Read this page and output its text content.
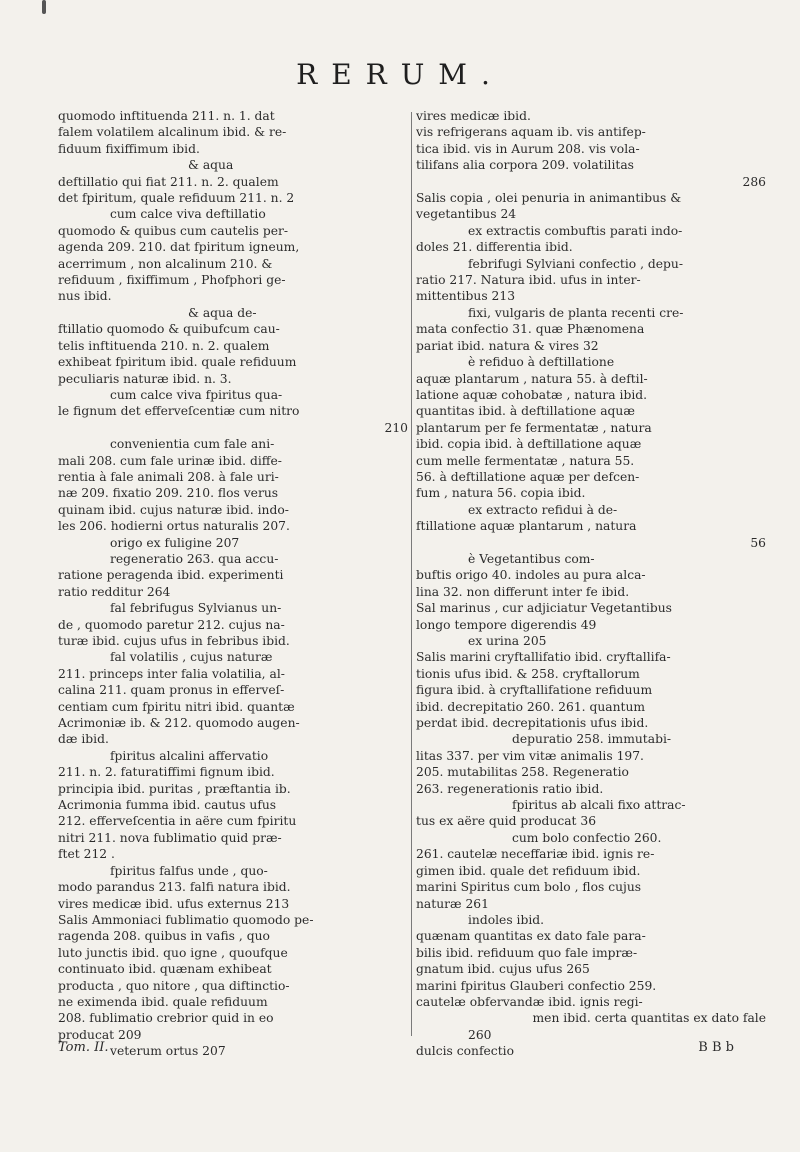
RERUM.
quomodo inftituenda 211. n. 1. dat
falem volatilem alcalinum ibid. & re-
fiduum fixiffimum ibid.
& aqua
deftillatio qui fiat 211. n. 2. qualem
det fpiritum, quale refiduum 211. n. 2
cum calce viva deftillatio
quomodo & quibus cum cautelis per-
agenda 209. 210. dat fpiritum igneum,
acerrimum , non alcalinum 210. &
refiduum , fixiffimum , Phofphori ge-
nus ibid.
& aqua de-
ftillatio quomodo & quibufcum cau-
telis inftituenda 210. n. 2. qualem
exhibeat fpiritum ibid. quale refiduum
peculiaris naturæ ibid. n. 3.
cum calce viva fpiritus qua-
le fignum det efferveſcentiæ cum nitro
210
convenientia cum fale ani-
mali 208. cum fale urinæ ibid. diffe-
rentia à fale animali 208. à fale uri-
næ 209. fixatio 209. 210. flos verus
quinam ibid. cujus naturæ ibid. indo-
les 206. hodierni ortus naturalis 207.
origo ex fuligine 207
regeneratio 263. qua accu-
ratione peragenda ibid. experimenti
ratio redditur 264
fal febrifugus Sylvianus un-
de , quomodo paretur 212. cujus na-
turæ ibid. cujus ufus in febribus ibid.
fal volatilis , cujus naturæ
211. princeps inter falia volatilia, al-
calina 211. quam pronus in efferveſ-
centiam cum fpiritu nitri ibid. quantæ
Acrimoniæ ib. & 212. quomodo augen-
dæ ibid.
fpiritus alcalini affervatio
211. n. 2. faturatiffimi fignum ibid.
principia ibid. puritas , præftantia ib.
Acrimonia fumma ibid. cautus ufus
212. efferveſcentia in aëre cum fpiritu
nitri 211. nova fublimatio quid præ-
ftet 212 .
fpiritus falfus unde , quo-
modo parandus 213. falfi natura ibid.
vires medicæ ibid. ufus externus 213
Salis Ammoniaci fublimatio quomodo pe-
ragenda 208. quibus in vafis , quo
luto junctis ibid. quo igne , quoufque
continuato ibid. quænam exhibeat
producta , quo nitore , qua diftinctio-
ne eximenda ibid. quale refiduum
208. fublimatio crebrior quid in eo
producat 209
veterum ortus 207
vires medicæ ibid.
vis refrigerans aquam ib. vis antifep-
tica ibid. vis in Aurum 208. vis vola-
tilifans alia corpora 209. volatilitas
286
Salis copia , olei penuria in animantibus &
vegetantibus 24
ex extractis combuftis parati indo-
doles 21. differentia ibid.
febrifugi Sylviani confectio , depu-
ratio 217. Natura ibid. ufus in inter-
mittentibus 213
fixi, vulgaris de planta recenti cre-
mata confectio 31. quæ Phænomena
pariat ibid. natura & vires 32
è refiduo à deftillatione
aquæ plantarum , natura 55. à deftil-
latione aquæ cohobatæ , natura ibid.
quantitas ibid. à deftillatione aquæ
plantarum per fe fermentatæ , natura
ibid. copia ibid. à deftillatione aquæ
cum melle fermentatæ , natura 55.
56. à deftillatione aquæ per defcen-
fum , natura 56. copia ibid.
ex extracto refidui à de-
ftillatione aquæ plantarum , natura
56
è Vegetantibus com-
buftis origo 40. indoles au pura alca-
lina 32. non differunt inter fe ibid.
Sal marinus , cur adjiciatur Vegetantibus
longo tempore digerendis 49
ex urina 205
Salis marini cryftallifatio ibid. cryftallifa-
tionis ufus ibid. & 258. cryftallorum
figura ibid. à cryftallifatione refiduum
ibid. decrepitatio 260. 261. quantum
perdat ibid. decrepitationis ufus ibid.
depuratio 258. immutabi-
litas 337. per vim vitæ animalis 197.
205. mutabilitas 258. Regeneratio
263. regenerationis ratio ibid.
fpiritus ab alcali fixo attrac-
tus ex aëre quid producat 36
cum bolo confectio 260.
261. cautelæ neceffariæ ibid. ignis re-
gimen ibid. quale det refiduum ibid.
marini Spiritus cum bolo , flos cujus
naturæ 261
indoles ibid.
quænam quantitas ex dato fale para-
bilis ibid. refiduum quo fale impræ-
gnatum ibid. cujus ufus 265
marini fpiritus Glauberi confectio 259.
cautelæ obfervandæ ibid. ignis regi-
men ibid. certa quantitas ex dato fale
260
dulcis confectio
Tom. II.	B B b
